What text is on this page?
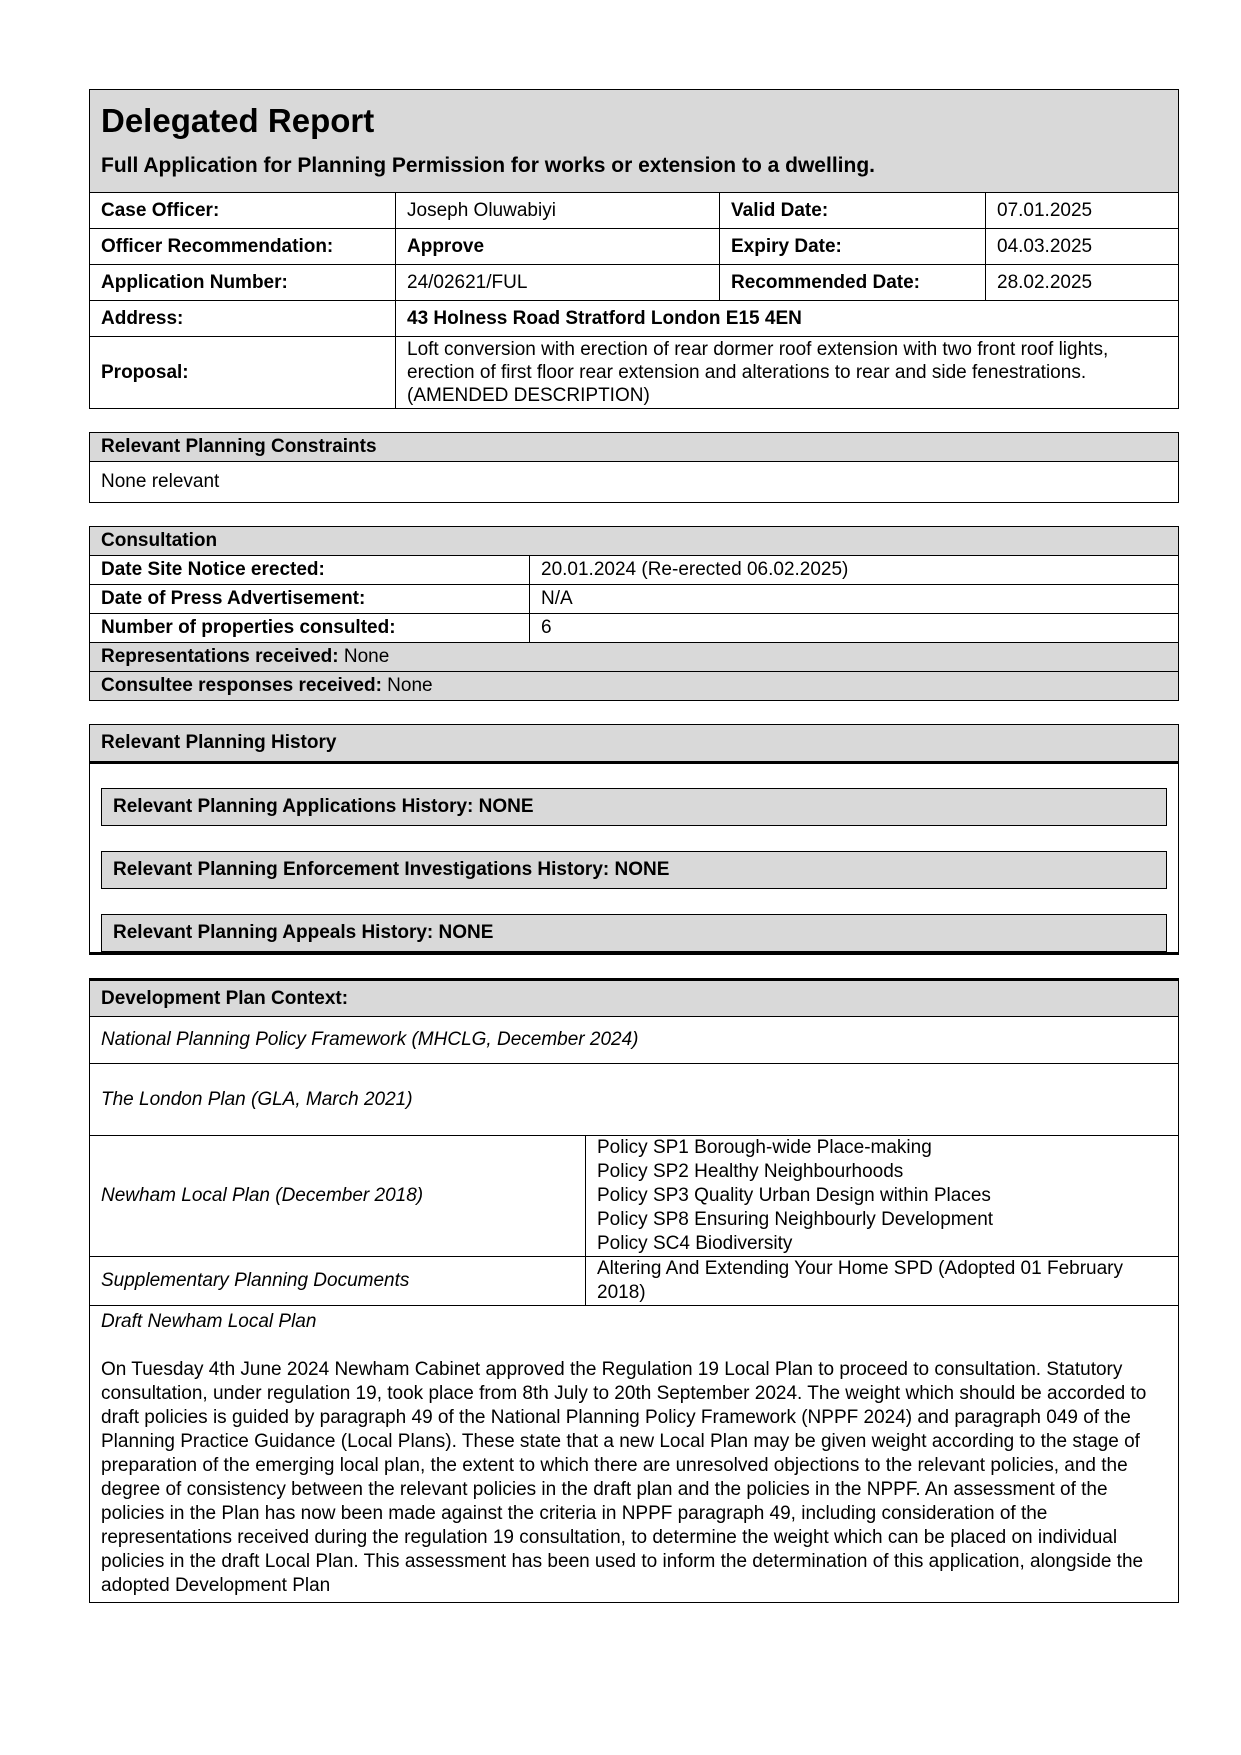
Delegated Report
Full Application for Planning Permission for works or extension to a dwelling.			

Case Officer:	Joseph Oluwabiyi	Valid Date:	07.01.2025
Officer Recommendation:	Approve	Expiry Date:	04.03.2025
Application Number:	24/02621/FUL	Recommended Date:	28.02.2025
Address:	43 Holness Road Stratford London E15 4EN		
Proposal:	Loft conversion with erection of rear dormer roof extension with two front roof lights, erection of first floor rear extension and alterations to rear and side fenestrations. (AMENDED DESCRIPTION)		
Relevant Planning Constraints
None relevant
Consultation	
Date Site Notice erected:	20.01.2024 (Re-erected 06.02.2025)
Date of Press Advertisement:	N/A
Number of properties consulted:	6
Representations received: None	
Consultee responses received: None	
Relevant Planning History
Relevant Planning Applications History: NONE
Relevant Planning Enforcement Investigations History: NONE
Relevant Planning Appeals History: NONE
Development Plan Context:	
National Planning Policy Framework (MHCLG, December 2024)	
The London Plan (GLA, March 2021)	
Newham Local Plan (December 2018)	Policy SP1 Borough-wide Place-making
Policy SP2 Healthy Neighbourhoods
Policy SP3 Quality Urban Design within Places
Policy SP8 Ensuring Neighbourly Development
Policy SC4 Biodiversity

Supplementary Planning Documents	Altering And Extending Your Home SPD (Adopted 01 February 2018)

Draft Newham Local Plan
On Tuesday 4th June 2024 Newham Cabinet approved the Regulation 19 Local Plan to proceed to consultation. Statutory consultation, under regulation 19, took place from 8th July to 20th September 2024. The weight which should be accorded to draft policies is guided by paragraph 49 of the National Planning Policy Framework (NPPF 2024) and paragraph 049 of the Planning Practice Guidance (Local Plans). These state that a new Local Plan may be given weight according to the stage of preparation of the emerging local plan, the extent to which there are unresolved objections to the relevant policies, and the degree of consistency between the relevant policies in the draft plan and the policies in the NPPF. An assessment of the policies in the Plan has now been made against the criteria in NPPF paragraph 49, including consideration of the representations received during the regulation 19 consultation, to determine the weight which can be placed on individual policies in the draft Local Plan. This assessment has been used to inform the determination of this application, alongside the adopted Development Plan	
